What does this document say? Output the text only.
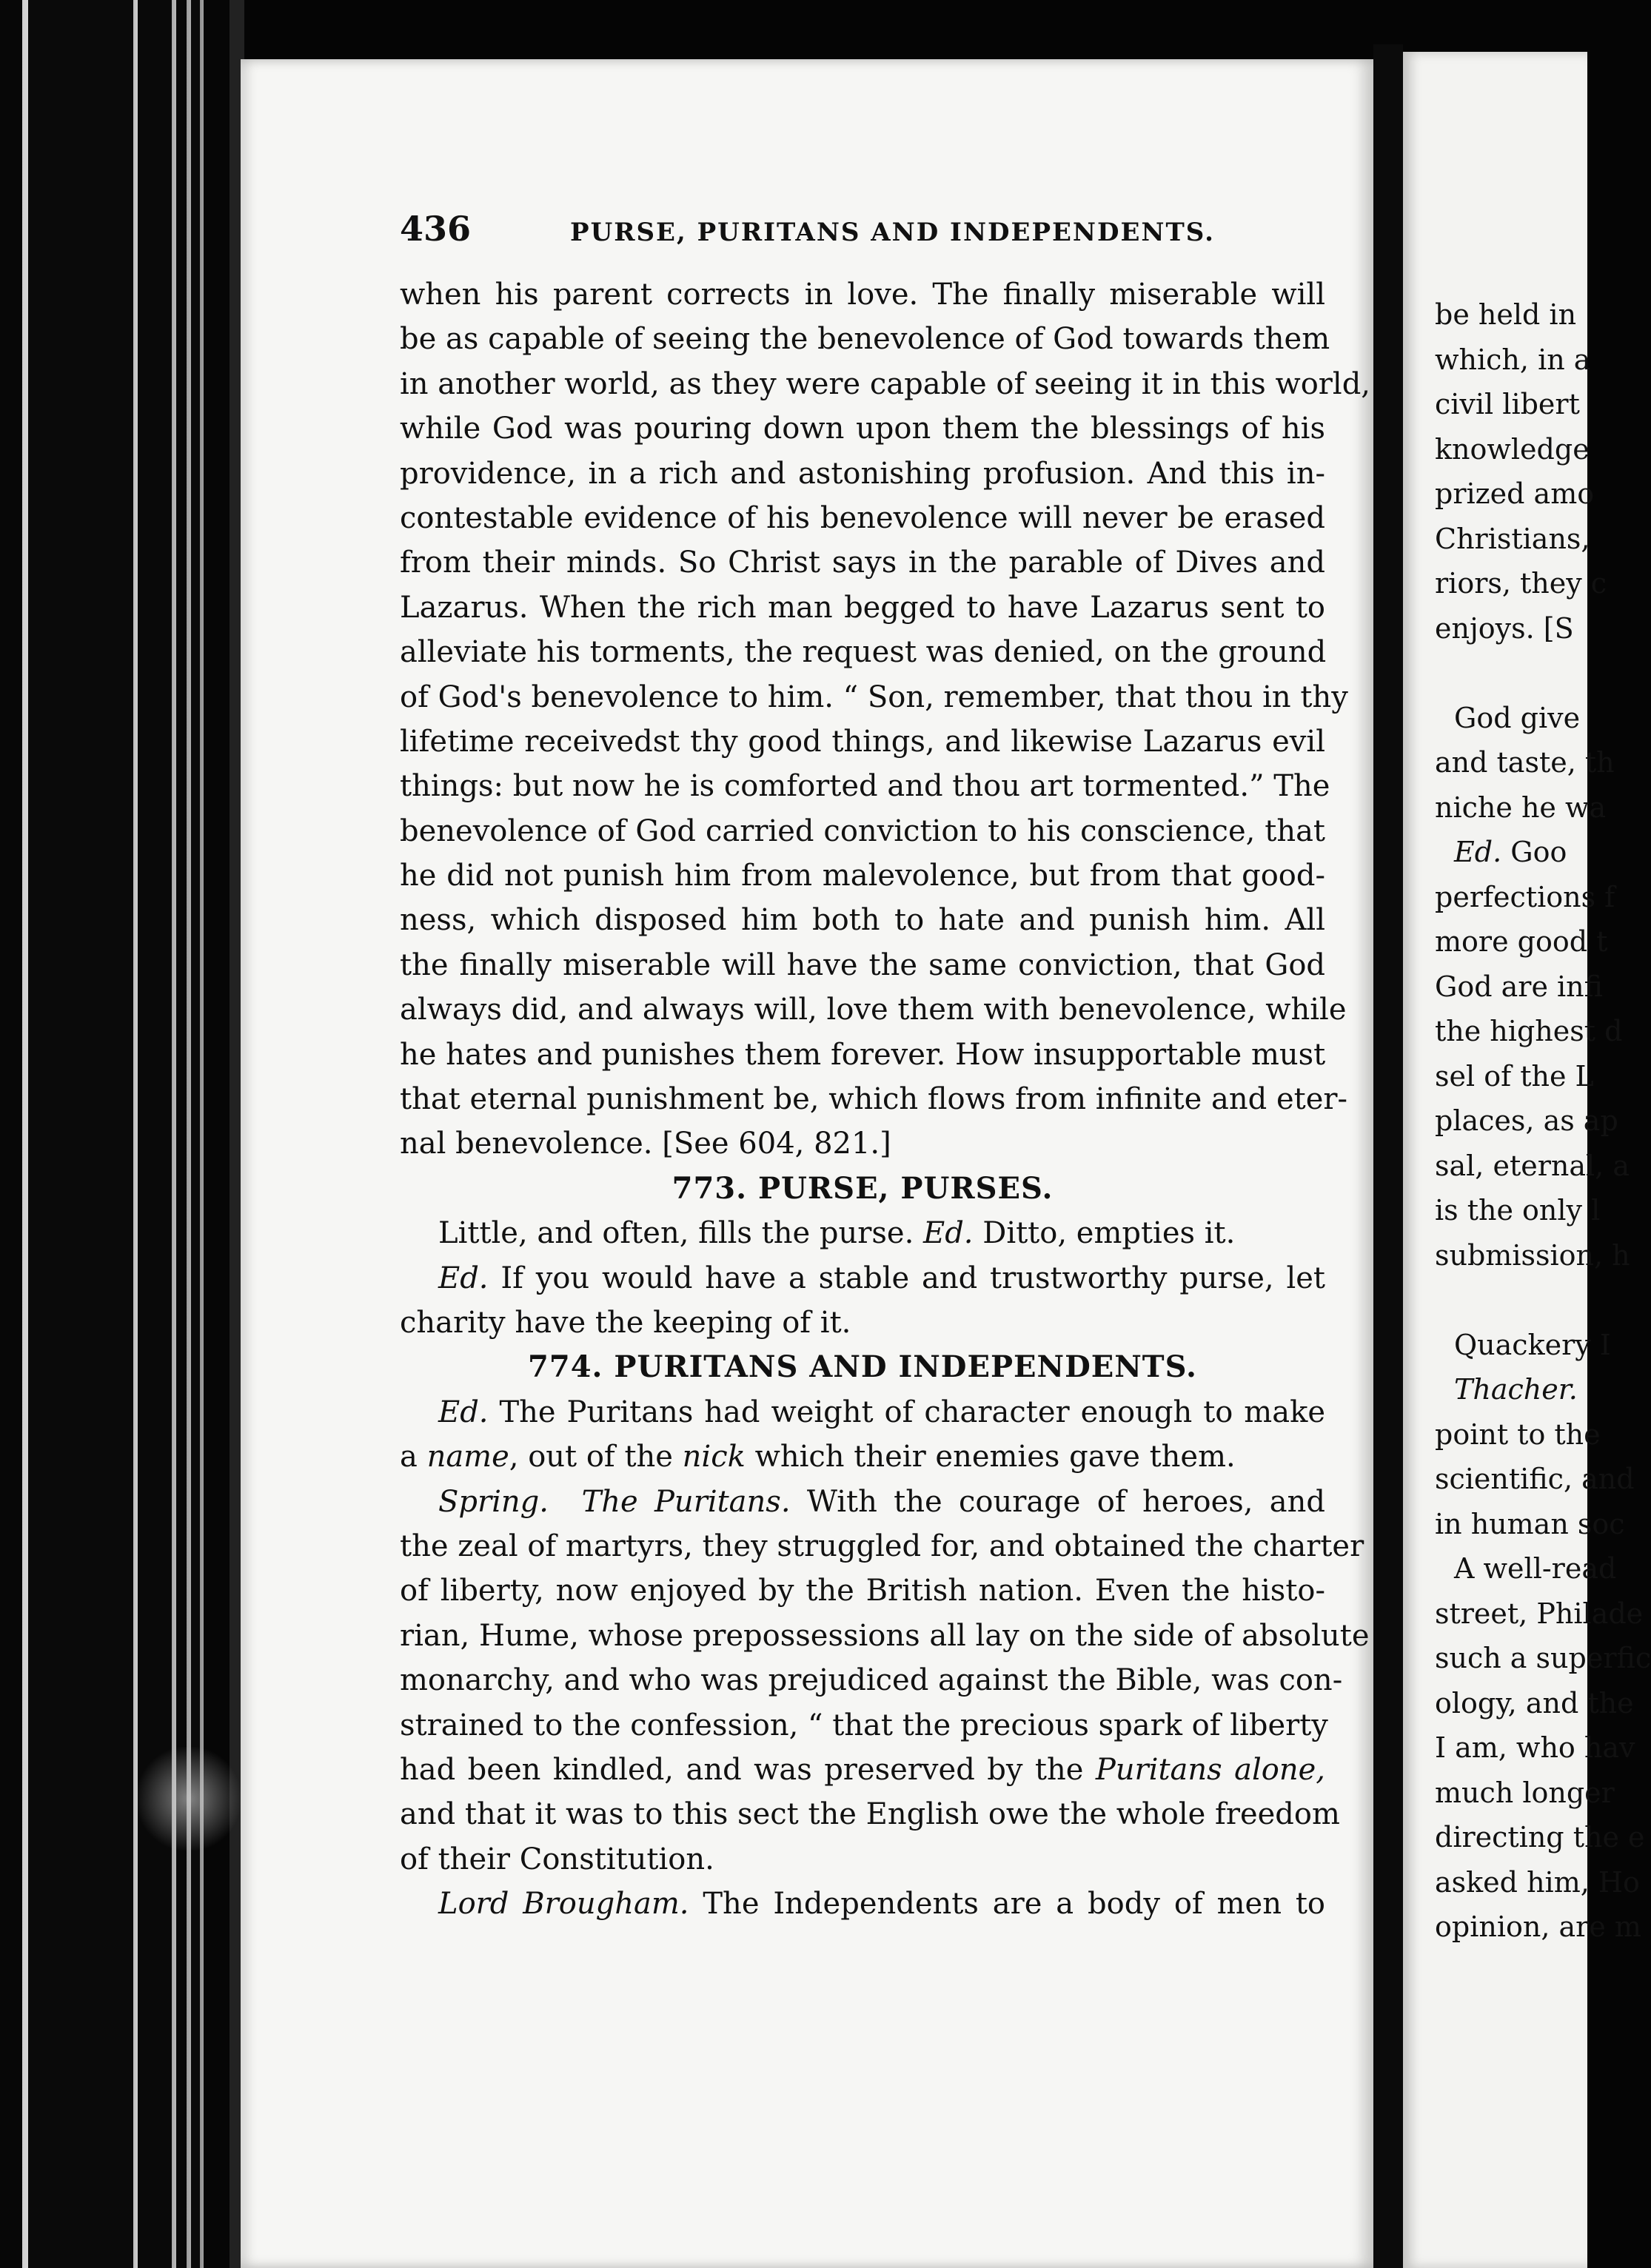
436	PURSE, PURITANS AND INDEPENDENTS.
when his parent corrects in love. The finally miserable will
be as capable of seeing the benevolence of God towards them
in another world, as they were capable of seeing it in this world,
while God was pouring down upon them the blessings of his
providence, in a rich and astonishing profusion. And this in-
contestable evidence of his benevolence will never be erased
from their minds. So Christ says in the parable of Dives and
Lazarus. When the rich man begged to have Lazarus sent to
alleviate his torments, the request was denied, on the ground
of God's benevolence to him. “ Son, remember, that thou in thy
lifetime receivedst thy good things, and likewise Lazarus evil
things: but now he is comforted and thou art tormented.” The
benevolence of God carried conviction to his conscience, that
he did not punish him from malevolence, but from that good-
ness, which disposed him both to hate and punish him. All
the finally miserable will have the same conviction, that God
always did, and always will, love them with benevolence, while
he hates and punishes them forever. How insupportable must
that eternal punishment be, which flows from infinite and eter-
nal benevolence. [See 604, 821.]
773. PURSE, PURSES.
Little, and often, fills the purse. Ed. Ditto, empties it.
Ed. If you would have a stable and trustworthy purse, let
charity have the keeping of it.
774. PURITANS AND INDEPENDENTS.
Ed. The Puritans had weight of character enough to make
a name, out of the nick which their enemies gave them.
Spring. The Puritans. With the courage of heroes, and
the zeal of martyrs, they struggled for, and obtained the charter
of liberty, now enjoyed by the British nation. Even the histo-
rian, Hume, whose prepossessions all lay on the side of absolute
monarchy, and who was prejudiced against the Bible, was con-
strained to the confession, “ that the precious spark of liberty
had been kindled, and was preserved by the Puritans alone,
and that it was to this sect the English owe the whole freedom
of their Constitution.
Lord Brougham. The Independents are a body of men to
be held in
which, in a
civil libert
knowledge
prized amo
Christians,
riors, they c
enjoys. [S
God give
and taste, th
niche he wa
Ed. Goo
perfections f
more good t
God are infi
the highest d
sel of the L
places, as ap
sal, eternal, a
is the only l
submission, h
Quackery I
Thacher.
point to the
scientific, and
in human soc
A well-read
street, Philade
such a superfic
ology, and the
I am, who hav
much longer
directing the e
asked him, Ho
opinion, are m
